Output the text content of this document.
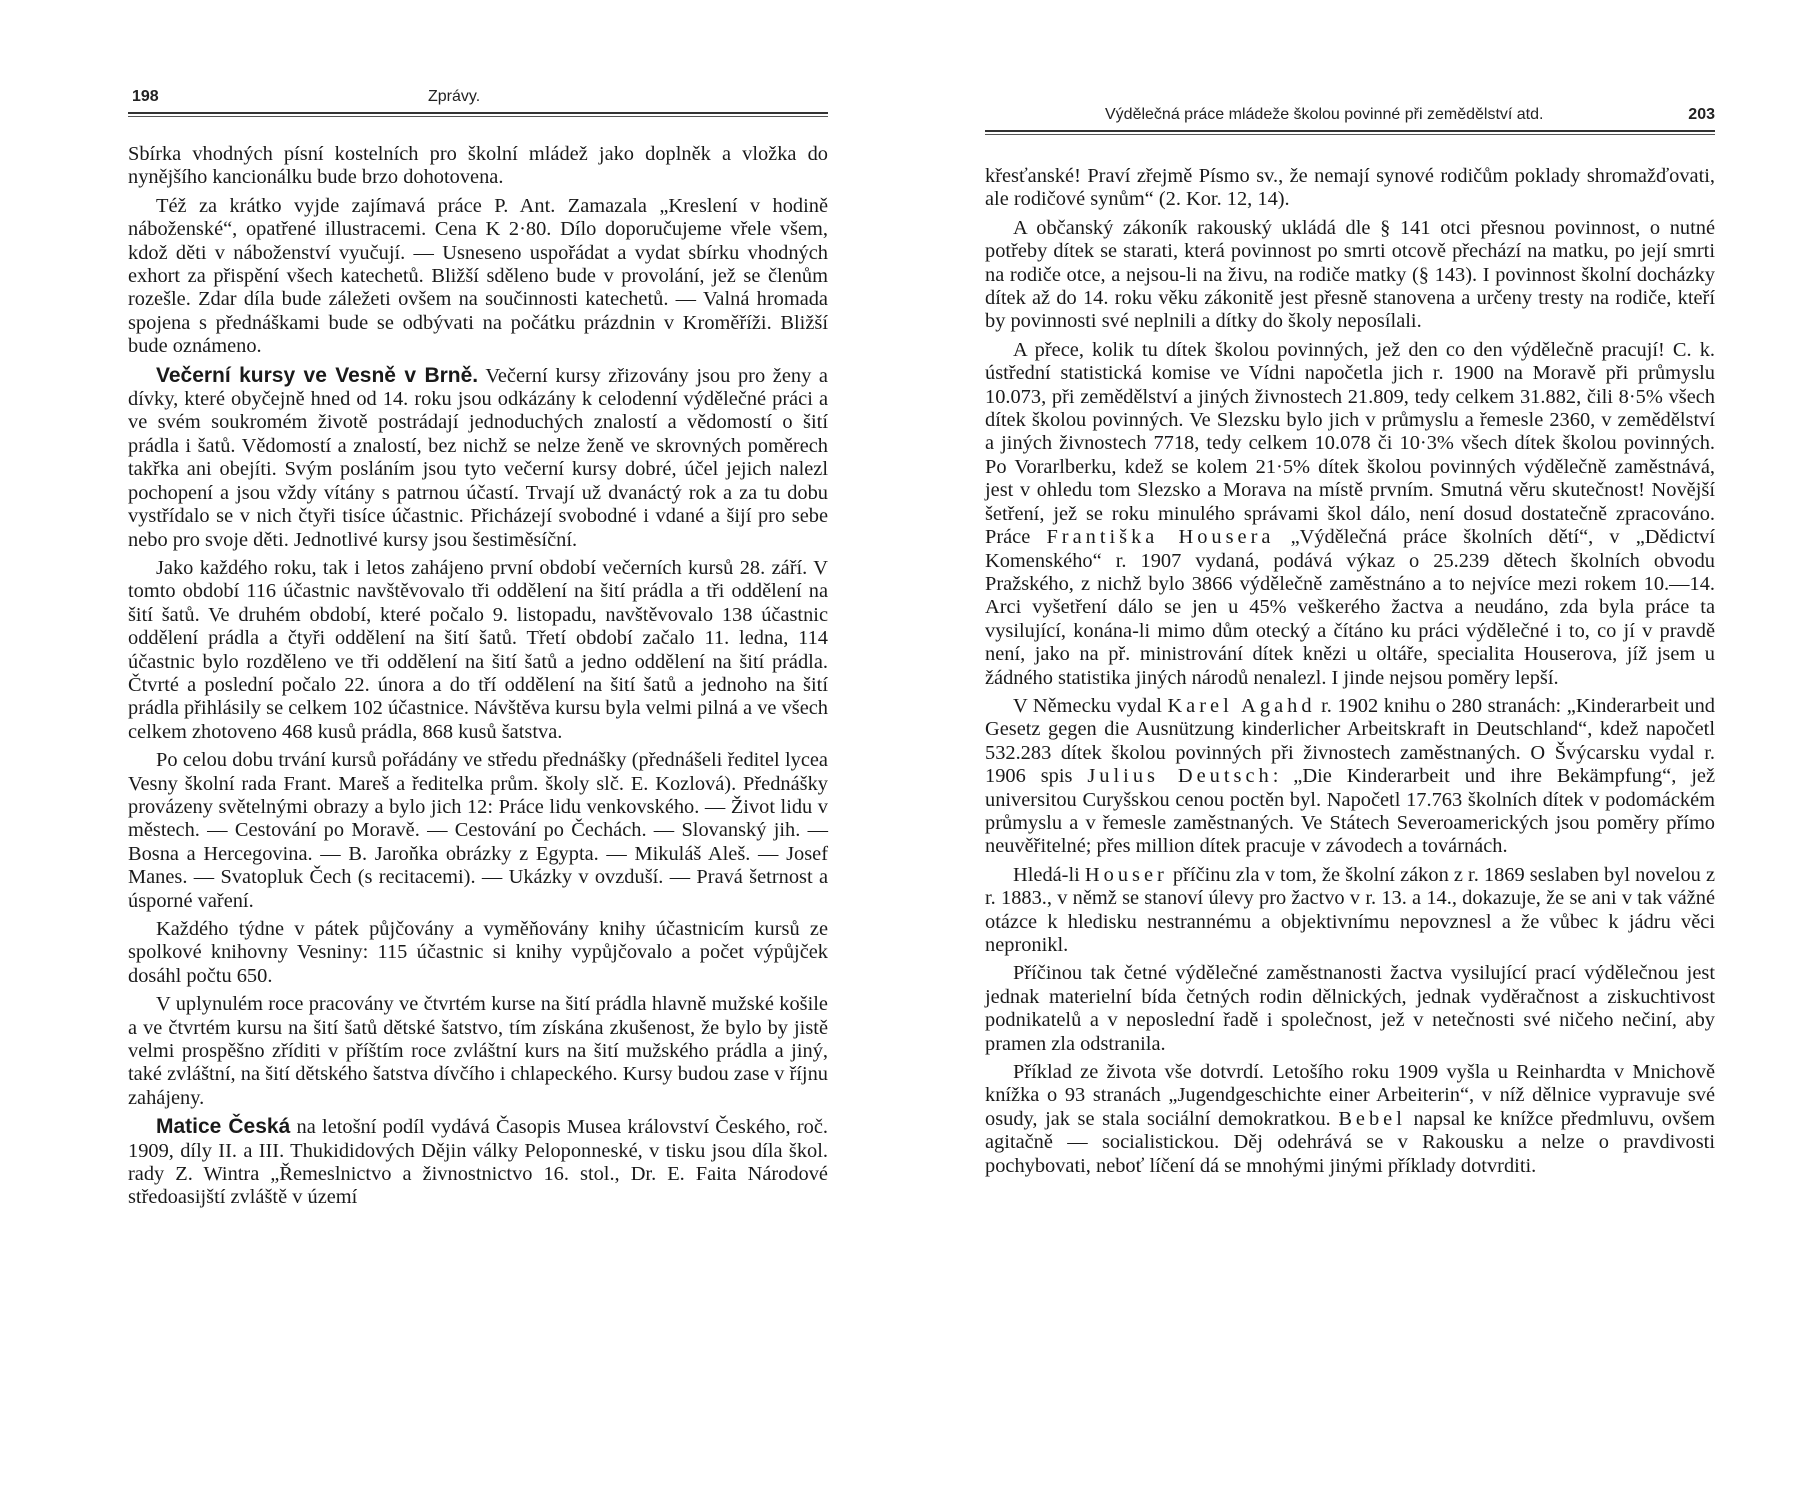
198	Zprávy.

Sbírka vhodných písní kostelních pro školní mládež jako doplněk a vložka do nynějšího kancionálku bude brzo dohotovena.

Též za krátko vyjde zajímavá práce P. Ant. Zamazala „Kreslení v hodině náboženské“, opatřené illustracemi. Cena K 2·80. Dílo doporučujeme vřele všem, kdož děti v náboženství vyučují. — Usneseno uspořádat a vydat sbírku vhodných exhort za přispění všech katechetů. Bližší sděleno bude v provolání, jež se členům rozešle. Zdar díla bude záležeti ovšem na součinnosti katechetů. — Valná hromada spojena s přednáškami bude se odbývati na počátku prázdnin v Kroměříži. Bližší bude oznámeno.

Večerní kursy ve Vesně v Brně. Večerní kursy zřizovány jsou pro ženy a dívky, které obyčejně hned od 14. roku jsou odkázány k celodenní výdělečné práci a ve svém soukromém životě postrádají jednoduchých znalostí a vědomostí o šití prádla i šatů. Vědomostí a znalostí, bez nichž se nelze ženě ve skrovných poměrech takřka ani obejíti. Svým posláním jsou tyto večerní kursy dobré, účel jejich nalezl pochopení a jsou vždy vítány s patrnou účastí. Trvají už dvanáctý rok a za tu dobu vystřídalo se v nich čtyři tisíce účastnic. Přicházejí svobodné i vdané a šijí pro sebe nebo pro svoje děti. Jednotlivé kursy jsou šestiměsíční.

Jako každého roku, tak i letos zahájeno první období večerních kursů 28. září. V tomto období 116 účastnic navštěvovalo tři oddělení na šití prádla a tři oddělení na šití šatů. Ve druhém období, které počalo 9. listopadu, navštěvovalo 138 účastnic oddělení prádla a čtyři oddělení na šití šatů. Třetí období začalo 11. ledna, 114 účastnic bylo rozděleno ve tři oddělení na šití šatů a jedno oddělení na šití prádla. Čtvrté a poslední počalo 22. února a do tří oddělení na šití šatů a jednoho na šití prádla přihlásily se celkem 102 účastnice. Návštěva kursu byla velmi pilná a ve všech celkem zhotoveno 468 kusů prádla, 868 kusů šatstva.

Po celou dobu trvání kursů pořádány ve středu přednášky (přednášeli ředitel lycea Vesny školní rada Frant. Mareš a ředitelka prům. školy slč. E. Kozlová). Přednášky provázeny světelnými obrazy a bylo jich 12: Práce lidu venkovského. — Život lidu v městech. — Cestování po Moravě. — Cestování po Čechách. — Slovanský jih. — Bosna a Hercegovina. — B. Jaroňka obrázky z Egypta. — Mikuláš Aleš. — Josef Manes. — Svatopluk Čech (s recitacemi). — Ukázky v ovzduší. — Pravá šetrnost a úsporné vaření.

Každého týdne v pátek půjčovány a vyměňovány knihy účastnicím kursů ze spolkové knihovny Vesniny: 115 účastnic si knihy vypůjčovalo a počet výpůjček dosáhl počtu 650.

V uplynulém roce pracovány ve čtvrtém kurse na šití prádla hlavně mužské košile a ve čtvrtém kursu na šití šatů dětské šatstvo, tím získána zkušenost, že bylo by jistě velmi prospěšno zříditi v příštím roce zvláštní kurs na šití mužského prádla a jiný, také zvláštní, na šití dětského šatstva dívčího i chlapeckého. Kursy budou zase v říjnu zahájeny.

Matice Česká na letošní podíl vydává Časopis Musea království Českého, roč. 1909, díly II. a III. Thukididových Dějin války Peloponneské, v tisku jsou díla škol. rady Z. Wintra „Řemeslnictvo a živnostnictvo 16. stol., Dr. E. Faita Národové středoasijští zvláště v území

Výdělečná práce mládeže školou povinné při zemědělství atd.	203

křesťanské! Praví zřejmě Písmo sv., že nemají synové rodičům poklady shromažďovati, ale rodičové synům“ (2. Kor. 12, 14).

A občanský zákoník rakouský ukládá dle § 141 otci přesnou povinnost, o nutné potřeby dítek se starati, která povinnost po smrti otcově přechází na matku, po její smrti na rodiče otce, a nejsou-li na živu, na rodiče matky (§ 143). I povinnost školní docházky dítek až do 14. roku věku zákonitě jest přesně stanovena a určeny tresty na rodiče, kteří by povinnosti své neplnili a dítky do školy neposílali.

A přece, kolik tu dítek školou povinných, jež den co den výdělečně pracují! C. k. ústřední statistická komise ve Vídni napočetla jich r. 1900 na Moravě při průmyslu 10.073, při zemědělství a jiných živnostech 21.809, tedy celkem 31.882, čili 8·5% všech dítek školou povinných. Ve Slezsku bylo jich v průmyslu a řemesle 2360, v zemědělství a jiných živnostech 7718, tedy celkem 10.078 či 10·3% všech dítek školou povinných. Po Vorarlberku, kdež se kolem 21·5% dítek školou povinných výdělečně zaměstnává, jest v ohledu tom Slezsko a Morava na místě prvním. Smutná věru skutečnost! Novější šetření, jež se roku minulého správami škol dálo, není dosud dostatečně zpracováno. Práce Františka Housera „Výdělečná práce školních dětí“, v „Dědictví Komenského“ r. 1907 vydaná, podává výkaz o 25.239 dětech školních obvodu Pražského, z nichž bylo 3866 výdělečně zaměstnáno a to nejvíce mezi rokem 10.—14. Arci vyšetření dálo se jen u 45% veškerého žactva a neudáno, zda byla práce ta vysilující, konána-li mimo dům otecký a čítáno ku práci výdělečné i to, co jí v pravdě není, jako na př. ministrování dítek knězi u oltáře, specialita Houserova, jíž jsem u žádného statistika jiných národů nenalezl. I jinde nejsou poměry lepší.

V Německu vydal Karel Agahd r. 1902 knihu o 280 stranách: „Kinderarbeit und Gesetz gegen die Ausnützung kinderlicher Arbeitskraft in Deutschland“, kdež napočetl 532.283 dítek školou povinných při živnostech zaměstnaných. O Švýcarsku vydal r. 1906 spis Julius Deutsch: „Die Kinderarbeit und ihre Bekämpfung“, jež universitou Curyšskou cenou poctěn byl. Napočetl 17.763 školních dítek v podomáckém průmyslu a v řemesle zaměstnaných. Ve Státech Severoamerických jsou poměry přímo neuvěřitelné; přes million dítek pracuje v závodech a továrnách.

Hledá-li Houser příčinu zla v tom, že školní zákon z r. 1869 seslaben byl novelou z r. 1883., v němž se stanoví úlevy pro žactvo v r. 13. a 14., dokazuje, že se ani v tak vážné otázce k hledisku nestrannému a objektivnímu nepovznesl a že vůbec k jádru věci nepronikl.

Příčinou tak četné výdělečné zaměstnanosti žactva vysilující prací výdělečnou jest jednak materielní bída četných rodin dělnických, jednak vyděračnost a ziskuchtivost podnikatelů a v neposlední řadě i společnost, jež v netečnosti své ničeho nečiní, aby pramen zla odstranila.

Příklad ze života vše dotvrdí. Letošího roku 1909 vyšla u Reinhardta v Mnichově knížka o 93 stranách „Jugendgeschichte einer Arbeiterin“, v níž dělnice vypravuje své osudy, jak se stala sociální demokratkou. Bebel napsal ke knížce předmluvu, ovšem agitačně — socialistickou. Děj odehrává se v Rakousku a nelze o pravdivosti pochybovati, neboť líčení dá se mnohými jinými příklady dotvrditi.
